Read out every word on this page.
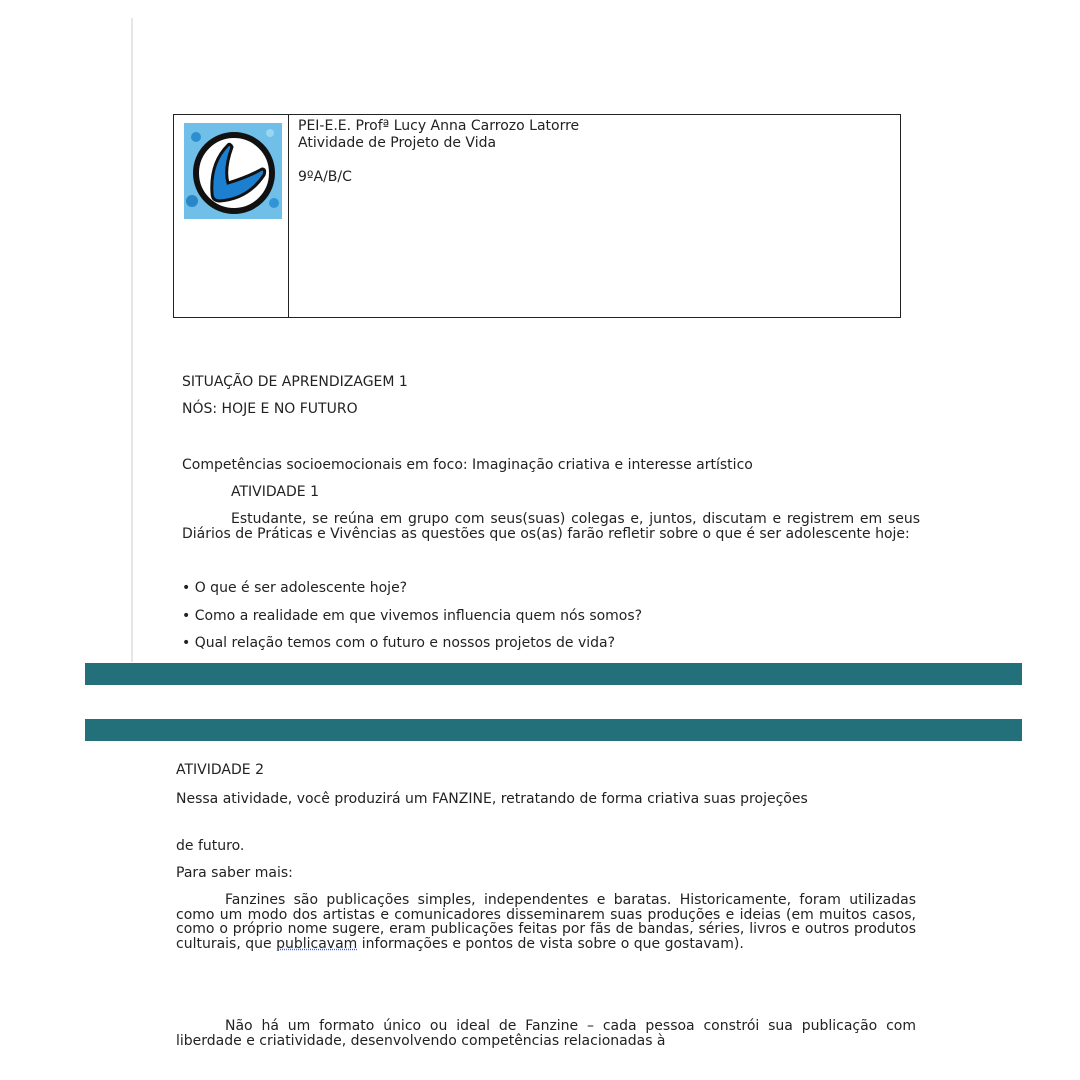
PEI-E.E. Profª Lucy Anna Carrozo Latorre
Atividade de Projeto de Vida
9ºA/B/C
SITUAÇÃO DE APRENDIZAGEM 1
NÓS: HOJE E NO FUTURO
Competências socioemocionais em foco: Imaginação criativa e interesse artístico
ATIVIDADE 1
Estudante, se reúna em grupo com seus(suas) colegas e, juntos, discutam e registrem em seus Diários de Práticas e Vivências as questões que os(as) farão refletir sobre o que é ser adolescente hoje:
• O que é ser adolescente hoje?
• Como a realidade em que vivemos influencia quem nós somos?
• Qual relação temos com o futuro e nossos projetos de vida?
ATIVIDADE 2
Nessa atividade, você produzirá um FANZINE, retratando de forma criativa suas projeções
de futuro.
Para saber mais:
Fanzines são publicações simples, independentes e baratas. Historicamente, foram utilizadas como um modo dos artistas e comunicadores disseminarem suas produções e ideias (em muitos casos, como o próprio nome sugere, eram publicações feitas por fãs de bandas, séries, livros e outros produtos culturais, que publicavam informações e pontos de vista sobre o que gostavam).
Não há um formato único ou ideal de Fanzine – cada pessoa constrói sua publicação com liberdade e criatividade, desenvolvendo competências relacionadas à
